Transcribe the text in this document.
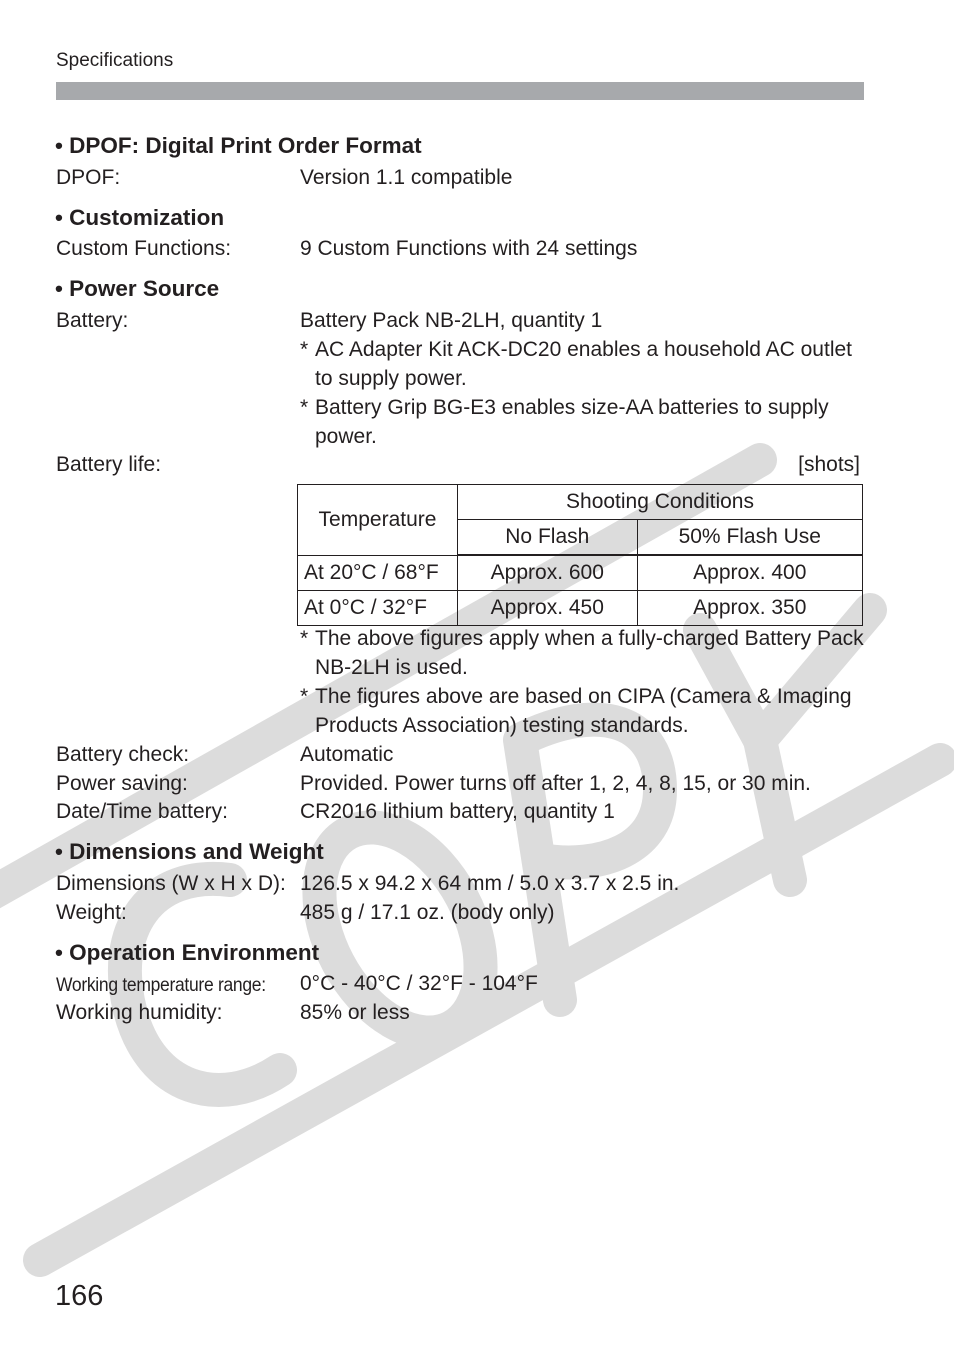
Specifications
• DPOF: Digital Print Order Format
DPOF:	Version 1.1 compatible
• Customization
Custom Functions:	9 Custom Functions with 24 settings
• Power Source
Battery:	Battery Pack NB-2LH, quantity 1
* AC Adapter Kit ACK-DC20 enables a household AC outlet to supply power.
* Battery Grip BG-E3 enables size-AA batteries to supply power.
Battery life:	[shots]
Temperature	Shooting Conditions	
	No Flash	50% Flash Use
At 20°C / 68°F	Approx. 600	Approx. 400
At 0°C / 32°F	Approx. 450	Approx. 350
* The above figures apply when a fully-charged Battery Pack NB-2LH is used.
* The figures above are based on CIPA (Camera & Imaging Products Association) testing standards.
Battery check:	Automatic
Power saving:	Provided. Power turns off after 1, 2, 4, 8, 15, or 30 min.
Date/Time battery:	CR2016 lithium battery, quantity 1
• Dimensions and Weight
Dimensions (W x H x D): 126.5 x 94.2 x 64 mm / 5.0 x 3.7 x 2.5 in.
Weight:	485 g / 17.1 oz. (body only)
• Operation Environment
Working temperature range: 0°C - 40°C / 32°F - 104°F
Working humidity:	85% or less
166
